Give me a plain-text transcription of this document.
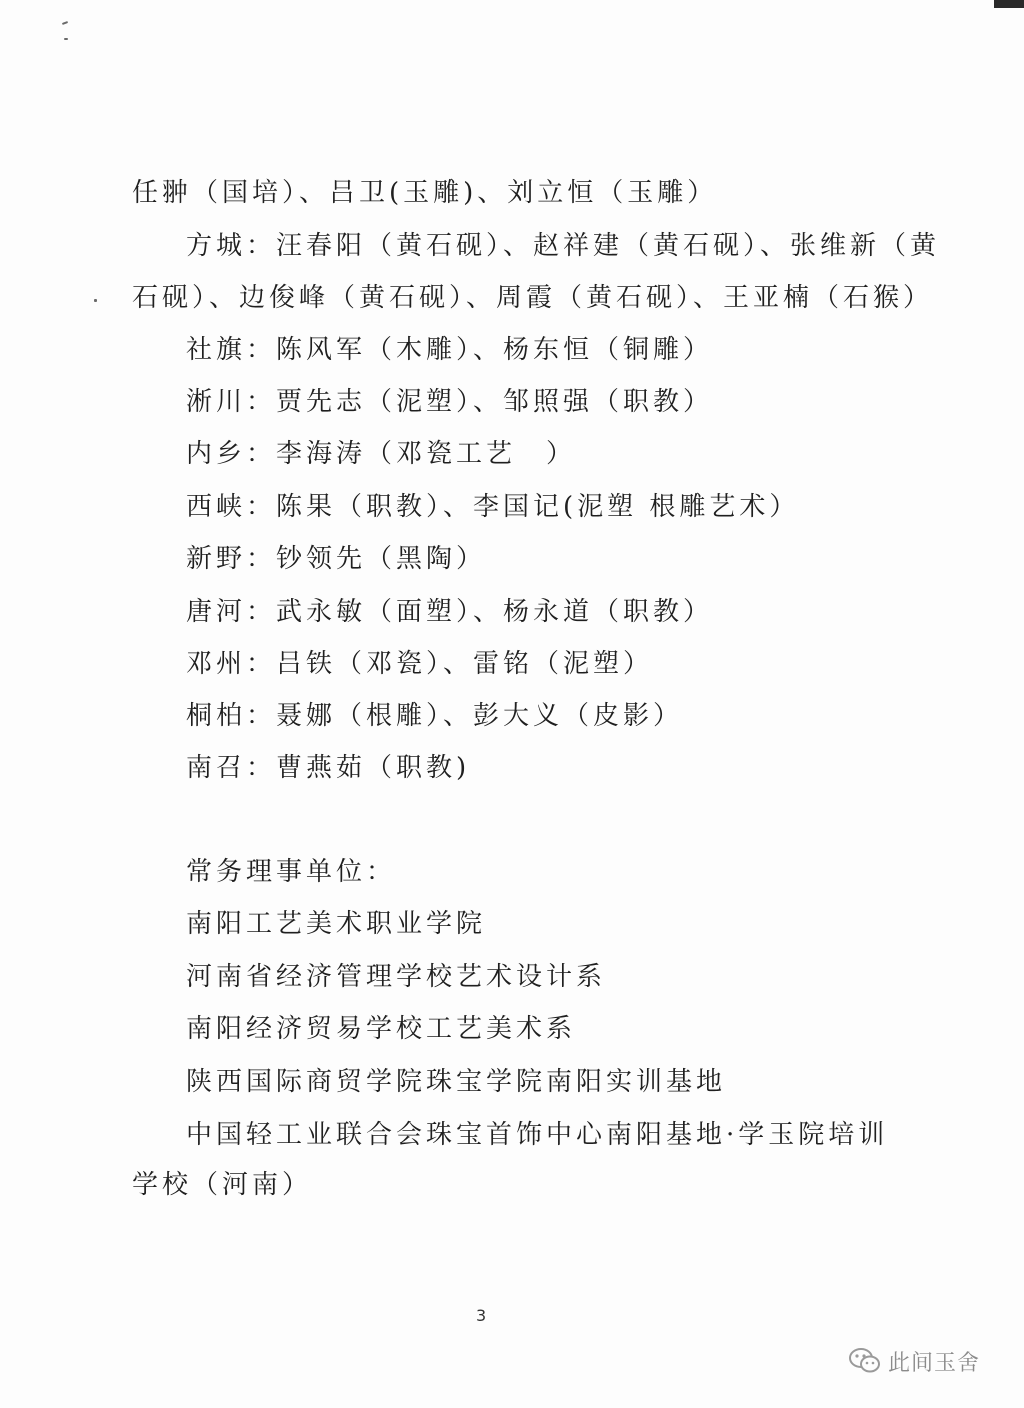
任翀（国培）、吕卫(玉雕)、刘立恒（玉雕）
方城：汪春阳（黄石砚）、赵祥建（黄石砚）、张维新（黄
石砚）、边俊峰（黄石砚）、周霞（黄石砚）、王亚楠（石猴）
社旗：陈风军（木雕）、杨东恒（铜雕）
淅川：贾先志（泥塑）、邹照强（职教）
内乡：李海涛（邓瓷工艺　）
西峡：陈果（职教）、李国记(泥塑 根雕艺术）
新野：钞领先（黑陶）
唐河：武永敏（面塑）、杨永道（职教）
邓州：吕铁（邓瓷）、雷铭（泥塑）
桐柏：聂娜（根雕）、彭大义（皮影）
南召：曹燕茹（职教)
常务理事单位：
南阳工艺美术职业学院
河南省经济管理学校艺术设计系
南阳经济贸易学校工艺美术系
陕西国际商贸学院珠宝学院南阳实训基地
中国轻工业联合会珠宝首饰中心南阳基地·学玉院培训
学校（河南）
3
此间玉舍
